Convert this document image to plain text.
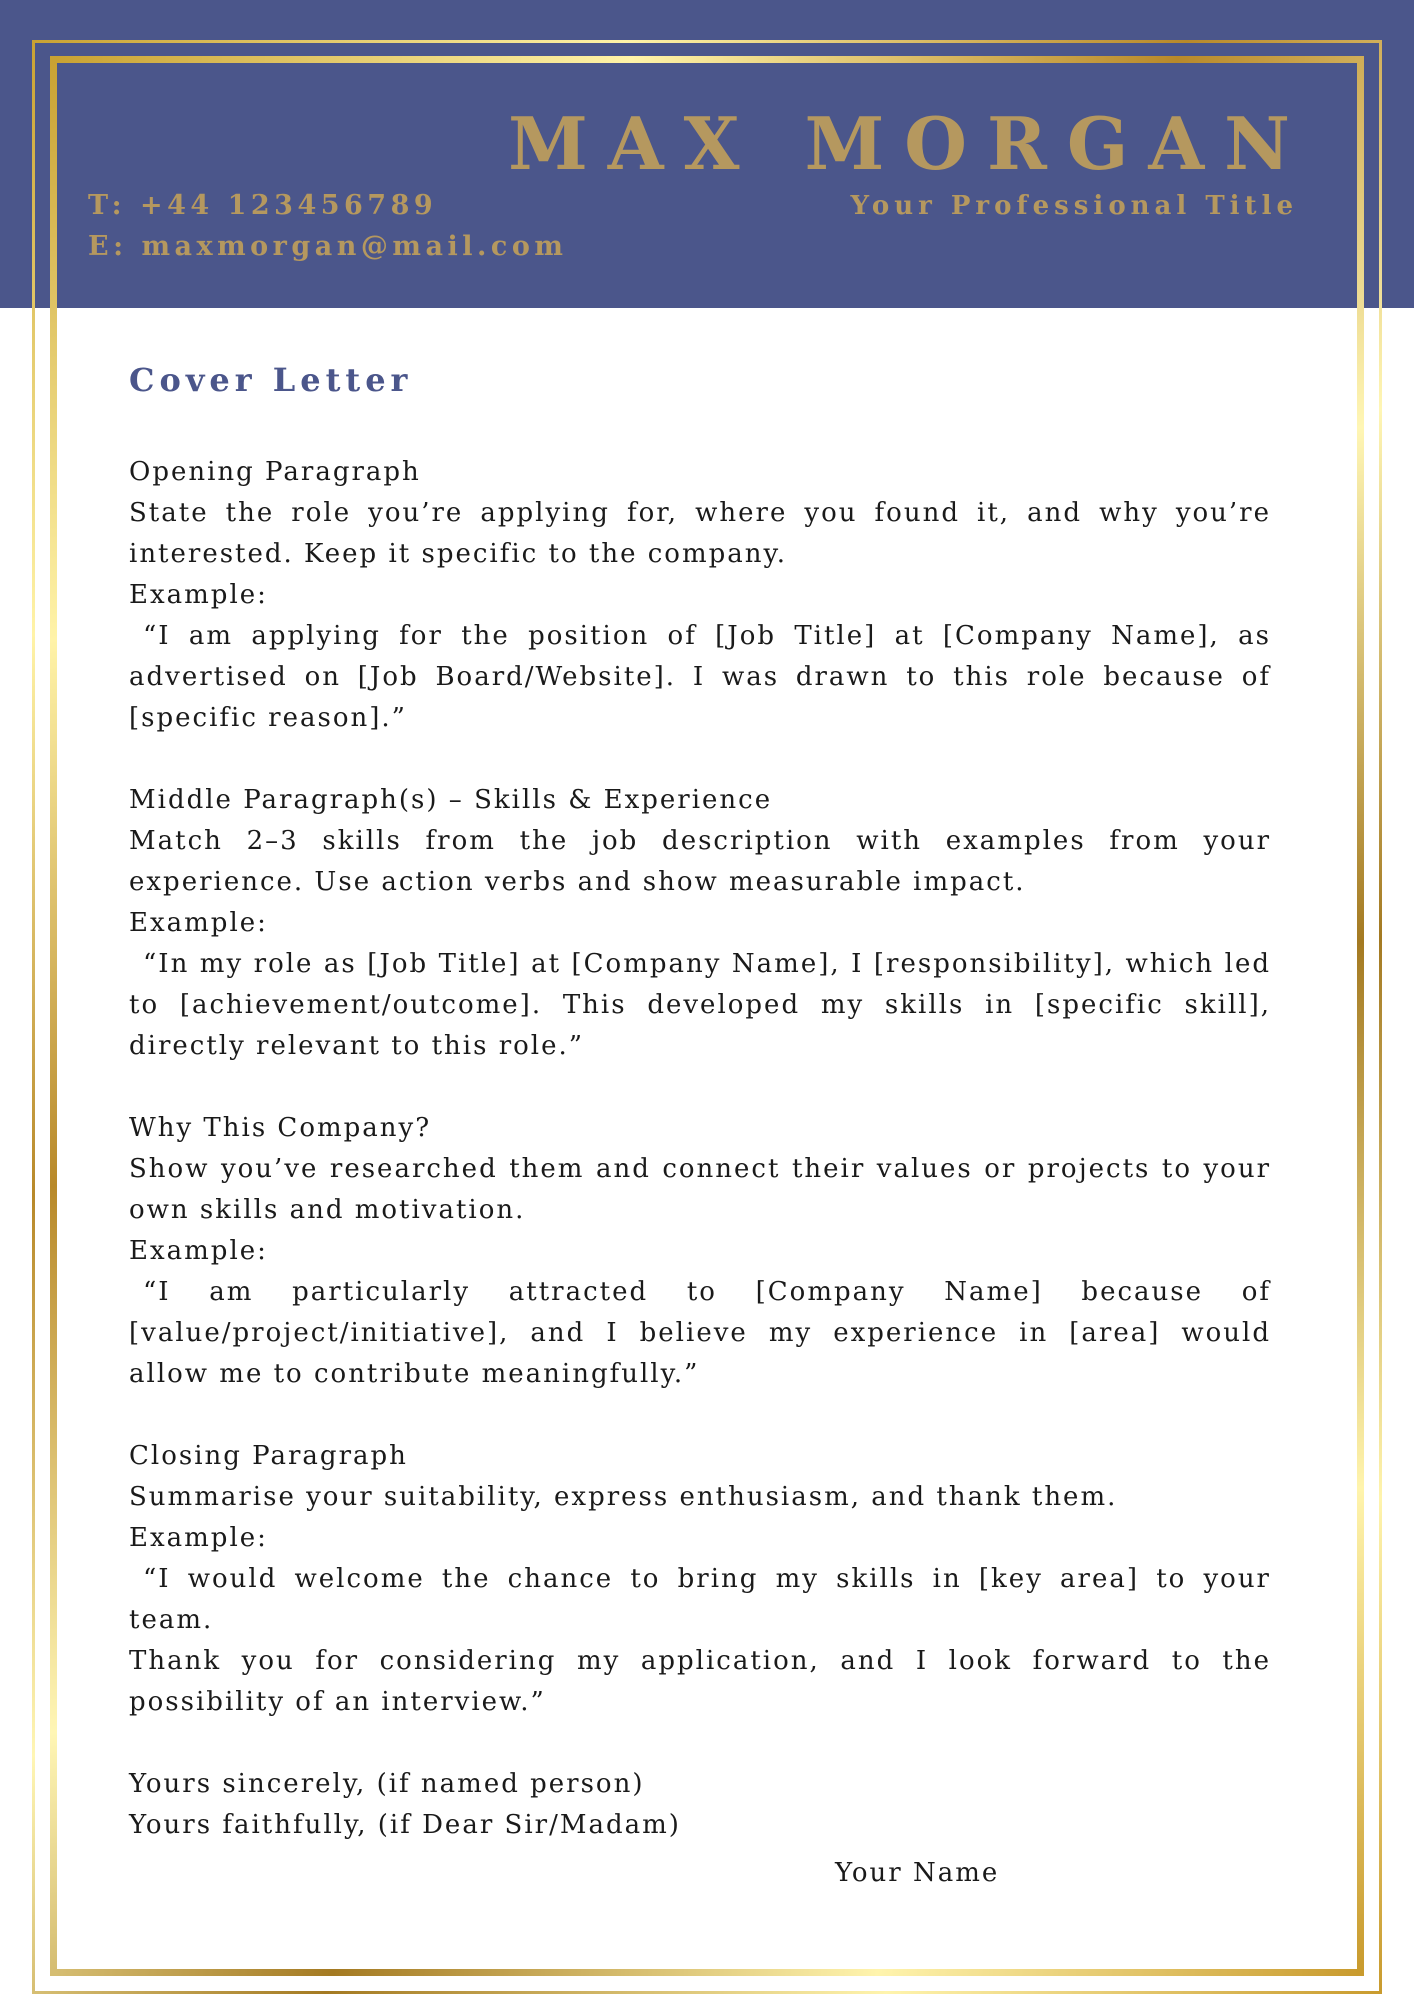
MAX MORGAN
Your Professional Title
T: +44 123456789
E: maxmorgan@mail.com
Cover Letter
Opening Paragraph
State the role you’re applying for, where you found it, and why you’re interested. Keep it specific to the company.
Example:
“I am applying for the position of [Job Title] at [Company Name], as advertised on [Job Board/Website]. I was drawn to this role because of [specific reason].”
Middle Paragraph(s) – Skills & Experience
Match 2–3 skills from the job description with examples from your experience. Use action verbs and show measurable impact.
Example:
“In my role as [Job Title] at [Company Name], I [responsibility], which led to [achievement/outcome]. This developed my skills in [specific skill], directly relevant to this role.”
Why This Company?
Show you’ve researched them and connect their values or projects to your own skills and motivation.
Example:
“I am particularly attracted to [Company Name] because of [value/project/initiative], and I believe my experience in [area] would allow me to contribute meaningfully.”
Closing Paragraph
Summarise your suitability, express enthusiasm, and thank them.
Example:
“I would welcome the chance to bring my skills in [key area] to your team.
Thank you for considering my application, and I look forward to the possibility of an interview.”
Yours sincerely, (if named person)
Yours faithfully, (if Dear Sir/Madam)
Your Name
